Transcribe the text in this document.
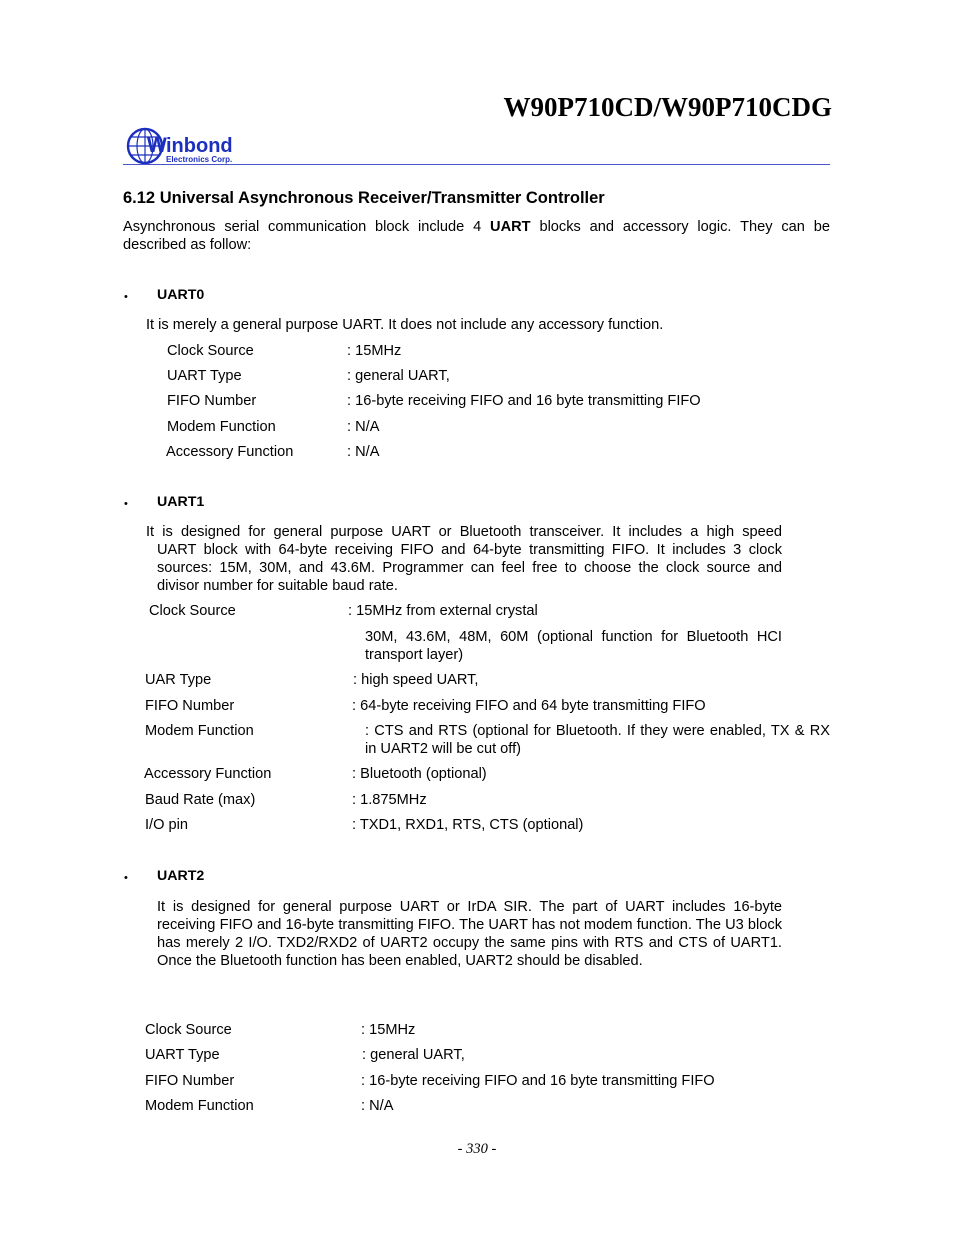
W90P710CD/W90P710CDG
W inbond
Electronics Corp.
6.12 Universal Asynchronous Receiver/Transmitter Controller
Asynchronous serial communication block include 4 UART blocks and accessory logic. They can be described as follow:
• UART0
It is merely a general purpose UART. It does not include any accessory function.
Clock Source	: 15MHz
UART Type	: general UART,
FIFO Number	: 16-byte receiving FIFO and 16 byte transmitting FIFO
Modem Function	: N/A
Accessory Function	: N/A
• UART1
It is designed for general purpose UART or Bluetooth transceiver. It includes a high speed
UART block with 64-byte receiving FIFO and 64-byte transmitting FIFO. It includes 3 clock sources: 15M, 30M, and 43.6M. Programmer can feel free to choose the clock source and divisor number for suitable baud rate.
Clock Source	: 15MHz from external crystal
30M, 43.6M, 48M, 60M (optional function for Bluetooth HCI transport layer)
UAR Type	: high speed UART,
FIFO Number	: 64-byte receiving FIFO and 64 byte transmitting FIFO
Modem Function	: CTS and RTS (optional for Bluetooth. If they were enabled, TX & RX in UART2 will be cut off)
Accessory Function	: Bluetooth (optional)
Baud Rate (max)	: 1.875MHz
I/O pin	: TXD1, RXD1, RTS, CTS (optional)
• UART2
It is designed for general purpose UART or IrDA SIR. The part of UART includes 16-byte receiving FIFO and 16-byte transmitting FIFO. The UART has not modem function. The U3 block has merely 2 I/O. TXD2/RXD2 of UART2 occupy the same pins with RTS and CTS of UART1. Once the Bluetooth function has been enabled, UART2 should be disabled.
Clock Source	: 15MHz
UART Type	: general UART,
FIFO Number	: 16-byte receiving FIFO and 16 byte transmitting FIFO
Modem Function	: N/A
- 330 -
